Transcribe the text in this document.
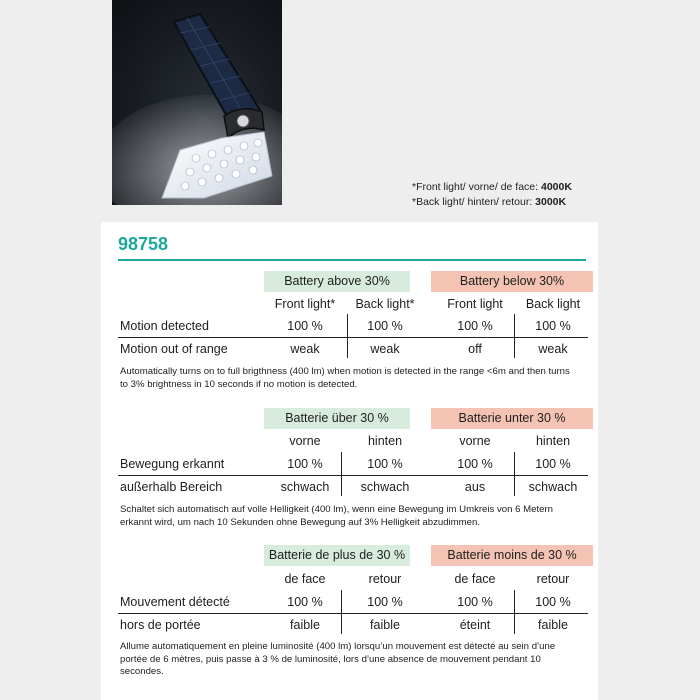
*Front light/ vorne/ de face: 4000K
*Back light/ hinten/ retour: 3000K
98758
Battery above 30%	Battery below 30%
Front light*	Back light*	Front light	Back light
Motion detected	100 %	100 %	100 %	100 %
Motion out of range	weak	weak	off	weak
Automatically turns on to full brigthness (400 lm) when motion is detected in the range <6m and then turns to 3% brightness in 10 seconds if no motion is detected.
Batterie über 30 %	Batterie unter 30 %
vorne	hinten	vorne	hinten
Bewegung erkannt	100 %	100 %	100 %	100 %
außerhalb Bereich	schwach	schwach	aus	schwach
Schaltet sich automatisch auf volle Helligkeit (400 lm), wenn eine Bewegung im Umkreis von 6 Metern erkannt wird, um nach 10 Sekunden ohne Bewegung auf 3% Helligkeit abzudimmen.
Batterie de plus de 30 %	Batterie moins de 30 %
de face	retour	de face	retour
Mouvement détecté	100 %	100 %	100 %	100 %
hors de portée	faible	faible	éteint	faible
Allume automatiquement en pleine luminosité (400 lm) lorsqu’un mouvement est détecté au sein d’une portée de 6 mètres, puis passe à 3 % de luminosité, lors d’une absence de mouvement pendant 10 secondes.
